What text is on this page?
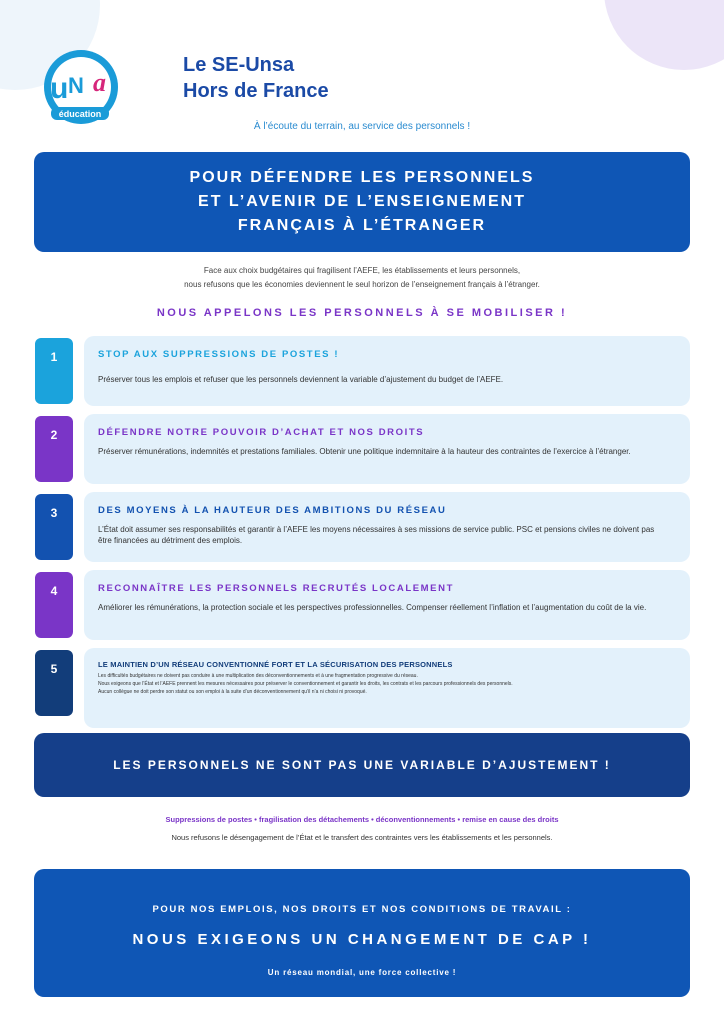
u N a
éducation
Le SE-Unsa
Hors de France
À l’écoute du terrain, au service des personnels !
POUR DÉFENDRE LES PERSONNELS
ET L’AVENIR DE L’ENSEIGNEMENT
FRANÇAIS À L’ÉTRANGER
Face aux choix budgétaires qui fragilisent l’AEFE, les établissements et leurs personnels,
nous refusons que les économies deviennent le seul horizon de l’enseignement français à l’étranger.
NOUS APPELONS LES PERSONNELS À SE MOBILISER !
1	STOP AUX SUPPRESSIONS DE POSTES !
Préserver tous les emplois et refuser que les personnels deviennent la variable d’ajustement du budget de l’AEFE.
2	DÉFENDRE NOTRE POUVOIR D’ACHAT ET NOS DROITS
Préserver rémunérations, indemnités et prestations familiales. Obtenir une politique indemnitaire à la hauteur des contraintes de l’exercice à l’étranger.
3	DES MOYENS À LA HAUTEUR DES AMBITIONS DU RÉSEAU
L’État doit assumer ses responsabilités et garantir à l’AEFE les moyens nécessaires à ses missions de service public. PSC et pensions civiles ne doivent pas être financées au détriment des emplois.
4	RECONNAÎTRE LES PERSONNELS RECRUTÉS LOCALEMENT
Améliorer les rémunérations, la protection sociale et les perspectives professionnelles. Compenser réellement l’inflation et l’augmentation du coût de la vie.
5	LE MAINTIEN D’UN RÉSEAU CONVENTIONNÉ FORT ET LA SÉCURISATION DES PERSONNELS
Les difficultés budgétaires ne doivent pas conduire à une multiplication des déconventionnements et à une fragmentation progressive du réseau.
Nous exigeons que l’État et l’AEFE prennent les mesures nécessaires pour préserver le conventionnement et garantir les droits, les contrats et les parcours professionnels des personnels.
Aucun collègue ne doit perdre son statut ou son emploi à la suite d’un déconventionnement qu’il n’a ni choisi ni provoqué.
LES PERSONNELS NE SONT PAS UNE VARIABLE D’AJUSTEMENT !
Suppressions de postes • fragilisation des détachements • déconventionnements • remise en cause des droits
Nous refusons le désengagement de l’État et le transfert des contraintes vers les établissements et les personnels.
POUR NOS EMPLOIS, NOS DROITS ET NOS CONDITIONS DE TRAVAIL :
NOUS EXIGEONS UN CHANGEMENT DE CAP !
Un réseau mondial, une force collective !
